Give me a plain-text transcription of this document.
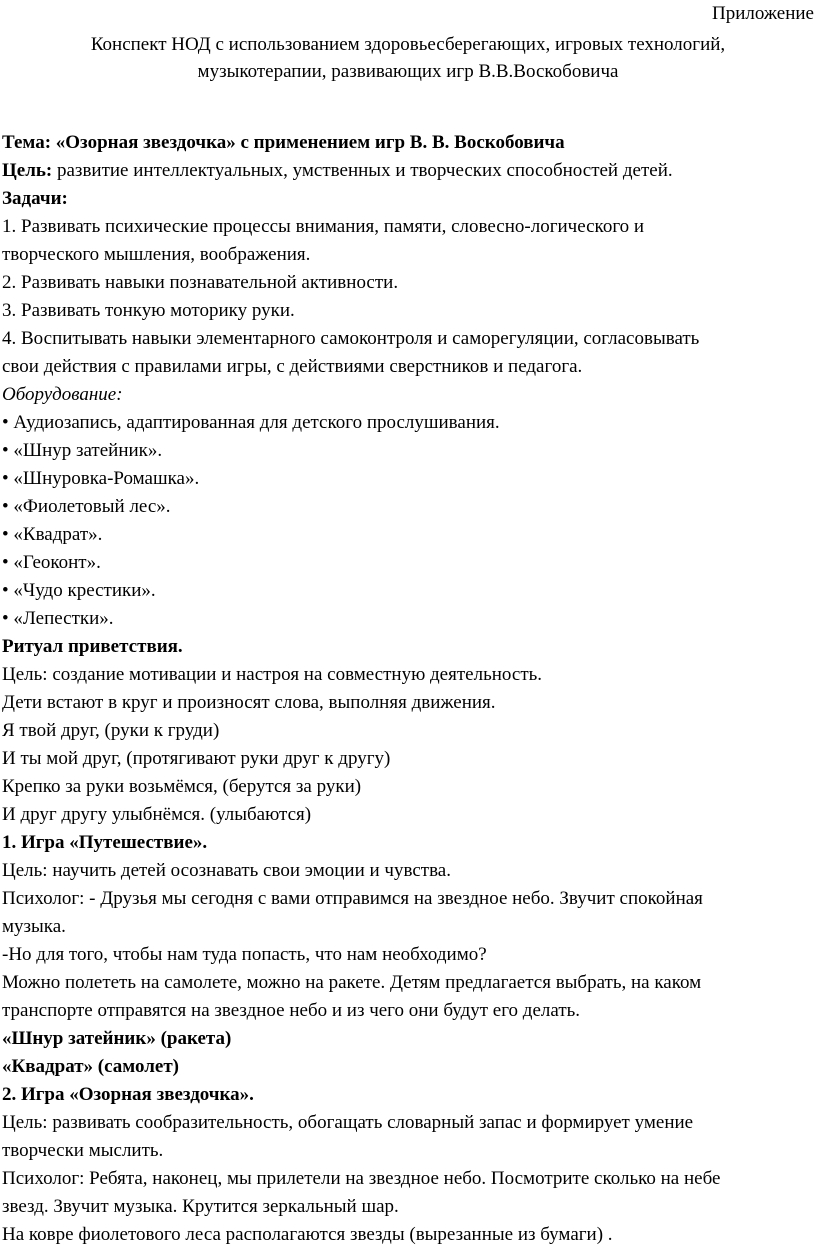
Приложение
Конспект НОД с использованием здоровьесберегающих, игровых технологий,
музыкотерапии, развивающих игр В.В.Воскобовича
Тема: «Озорная звездочка» с применением игр В. В. Воскобовича
Цель: развитие интеллектуальных, умственных и творческих способностей детей.
Задачи:
1. Развивать психические процессы внимания, памяти, словесно-логического и
творческого мышления, воображения.
2. Развивать навыки познавательной активности.
3. Развивать тонкую моторику руки.
4. Воспитывать навыки элементарного самоконтроля и саморегуляции, согласовывать
свои действия с правилами игры, с действиями сверстников и педагога.
Оборудование:
• Аудиозапись, адаптированная для детского прослушивания.
• «Шнур затейник».
• «Шнуровка-Ромашка».
• «Фиолетовый лес».
• «Квадрат».
• «Геоконт».
• «Чудо крестики».
• «Лепестки».
Ритуал приветствия.
Цель: создание мотивации и настроя на совместную деятельность.
Дети встают в круг и произносят слова, выполняя движения.
Я твой друг, (руки к груди)
И ты мой друг, (протягивают руки друг к другу)
Крепко за руки возьмёмся, (берутся за руки)
И друг другу улыбнёмся. (улыбаются)
1. Игра «Путешествие».
Цель: научить детей осознавать свои эмоции и чувства.
Психолог: - Друзья мы сегодня с вами отправимся на звездное небо. Звучит спокойная
музыка.
-Но для того, чтобы нам туда попасть, что нам необходимо?
Можно полететь на самолете, можно на ракете. Детям предлагается выбрать, на каком
транспорте отправятся на звездное небо и из чего они будут его делать.
«Шнур затейник» (ракета)
«Квадрат» (самолет)
2. Игра «Озорная звездочка».
Цель: развивать сообразительность, обогащать словарный запас и формирует умение
творчески мыслить.
Психолог: Ребята, наконец, мы прилетели на звездное небо. Посмотрите сколько на небе
звезд. Звучит музыка. Крутится зеркальный шар.
На ковре фиолетового леса располагаются звезды (вырезанные из бумаги) .
